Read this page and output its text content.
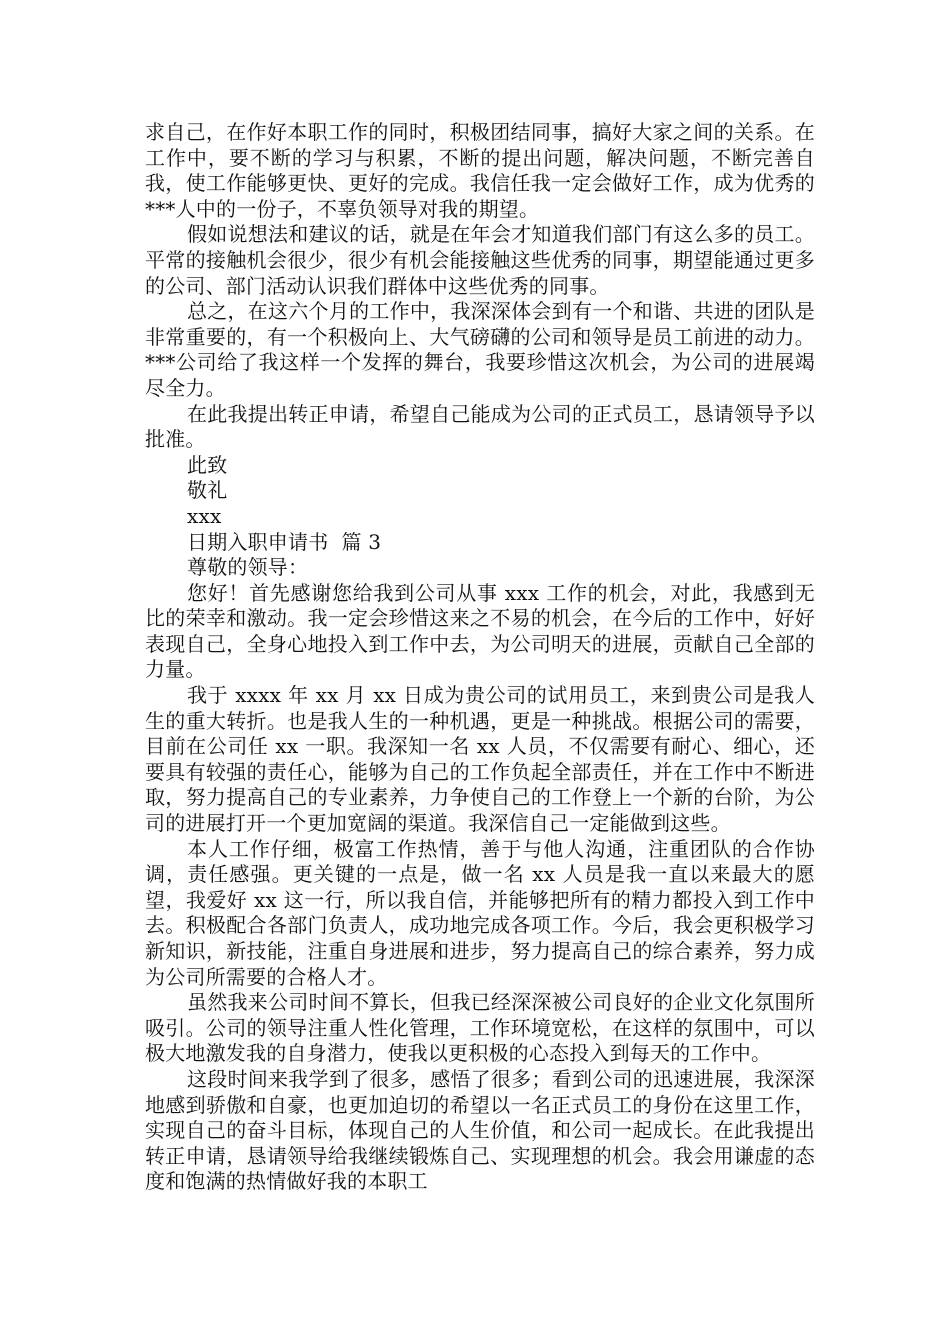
求自己，在作好本职工作的同时，积极团结同事，搞好大家之间的关系。在工作中，要不断的学习与积累，不断的提出问题，解决问题，不断完善自我，使工作能够更快、更好的完成。我信任我一定会做好工作，成为优秀的***人中的一份子，不辜负领导对我的期望。

假如说想法和建议的话，就是在年会才知道我们部门有这么多的员工。平常的接触机会很少，很少有机会能接触这些优秀的同事，期望能通过更多的公司、部门活动认识我们群体中这些优秀的同事。

总之，在这六个月的工作中，我深深体会到有一个和谐、共进的团队是非常重要的，有一个积极向上、大气磅礴的公司和领导是员工前进的动力。***公司给了我这样一个发挥的舞台，我要珍惜这次机会，为公司的进展竭尽全力。

在此我提出转正申请，希望自己能成为公司的正式员工，恳请领导予以批准。

此致

敬礼

xxx

日期入职申请书  篇 3

尊敬的领导：

您好！首先感谢您给我到公司从事 xxx 工作的机会，对此，我感到无比的荣幸和激动。我一定会珍惜这来之不易的机会，在今后的工作中，好好表现自己，全身心地投入到工作中去，为公司明天的进展，贡献自己全部的力量。

我于 xxxx 年 xx 月 xx 日成为贵公司的试用员工，来到贵公司是我人生的重大转折。也是我人生的一种机遇，更是一种挑战。根据公司的需要，目前在公司任 xx 一职。我深知一名 xx 人员，不仅需要有耐心、细心，还要具有较强的责任心，能够为自己的工作负起全部责任，并在工作中不断进取，努力提高自己的专业素养，力争使自己的工作登上一个新的台阶，为公司的进展打开一个更加宽阔的渠道。我深信自己一定能做到这些。

本人工作仔细，极富工作热情，善于与他人沟通，注重团队的合作协调，责任感强。更关键的一点是，做一名 xx 人员是我一直以来最大的愿望，我爱好 xx 这一行，所以我自信，并能够把所有的精力都投入到工作中去。积极配合各部门负责人，成功地完成各项工作。今后，我会更积极学习新知识，新技能，注重自身进展和进步，努力提高自己的综合素养，努力成为公司所需要的合格人才。

虽然我来公司时间不算长，但我已经深深被公司良好的企业文化氛围所吸引。公司的领导注重人性化管理，工作环境宽松，在这样的氛围中，可以极大地激发我的自身潜力，使我以更积极的心态投入到每天的工作中。

这段时间来我学到了很多，感悟了很多；看到公司的迅速进展，我深深地感到骄傲和自豪，也更加迫切的希望以一名正式员工的身份在这里工作，实现自己的奋斗目标，体现自己的人生价值，和公司一起成长。在此我提出转正申请，恳请领导给我继续锻炼自己、实现理想的机会。我会用谦虚的态度和饱满的热情做好我的本职工
